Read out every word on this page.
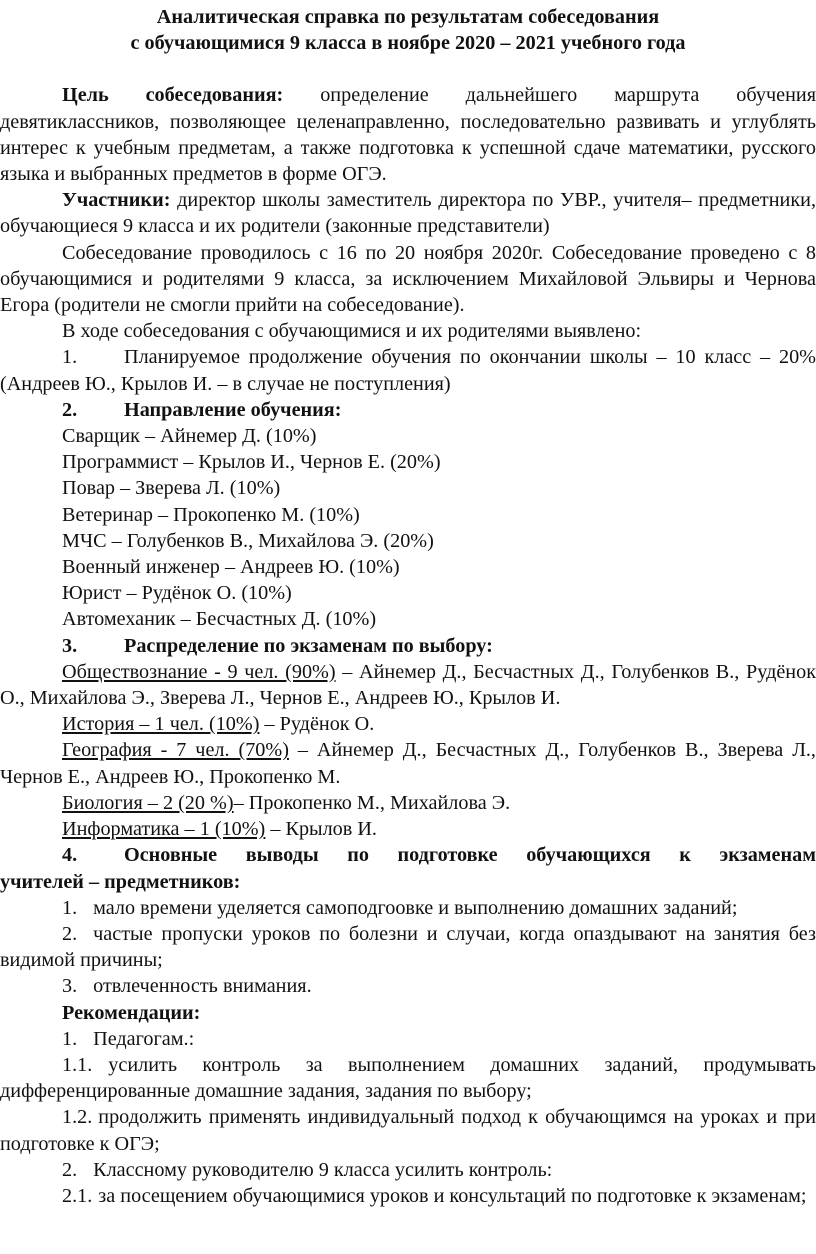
Аналитическая справка по результатам собеседования

с обучающимися 9 класса в ноябре 2020 – 2021 учебного года

Цель собеседования: определение дальнейшего маршрута обучения девятиклассников, позволяющее целенаправленно, последовательно развивать и углублять интерес к учебным предметам, а также подготовка к успешной сдаче математики, русского языка и выбранных предметов в форме ОГЭ.

Участники: директор школы заместитель директора по УВР., учителя– предметники, обучающиеся 9 класса и их родители (законные представители)

Собеседование проводилось с 16 по 20 ноября 2020г. Собеседование проведено с 8 обучающимися и родителями 9 класса, за исключением Михайловой Эльвиры и Чернова Егора (родители не смогли прийти на собеседование).

В ходе собеседования с обучающимися и их родителями выявлено:

1. Планируемое продолжение обучения по окончании школы – 10 класс – 20% (Андреев Ю., Крылов И. – в случае не поступления)

2. Направление обучения:

Сварщик – Айнемер Д. (10%)

Программист – Крылов И., Чернов Е. (20%)

Повар – Зверева Л. (10%)

Ветеринар – Прокопенко М. (10%)

МЧС – Голубенков В., Михайлова Э. (20%)

Военный инженер – Андреев Ю. (10%)

Юрист – Рудёнок О. (10%)

Автомеханик – Бесчастных Д. (10%)

3. Распределение по экзаменам по выбору:

Обществознание - 9 чел. (90%) – Айнемер Д., Бесчастных Д., Голубенков В., Рудёнок О., Михайлова Э., Зверева Л., Чернов Е., Андреев Ю., Крылов И.

История – 1 чел. (10%) – Рудёнок О.

География - 7 чел. (70%) – Айнемер Д., Бесчастных Д., Голубенков В., Зверева Л., Чернов Е., Андреев Ю., Прокопенко М.

Биология – 2 (20 %)– Прокопенко М., Михайлова Э.

Информатика – 1 (10%) – Крылов И.

4. Основные выводы по подготовке обучающихся к экзаменам

учителей – предметников:

1. мало времени уделяется самоподгоовке и выполнению домашних заданий;

2. частые пропуски уроков по болезни и случаи, когда опаздывают на занятия без видимой причины;

3. отвлеченность внимания.

Рекомендации:

1. Педагогам.:

1.1. усилить контроль за выполнением домашних заданий, продумывать дифференцированные домашние задания, задания по выбору;

1.2. продолжить применять индивидуальный подход к обучающимся на уроках и при подготовке к ОГЭ;

2. Классному руководителю 9 класса усилить контроль:

2.1. за посещением обучающимися уроков и консультаций по подготовке к экзаменам;
